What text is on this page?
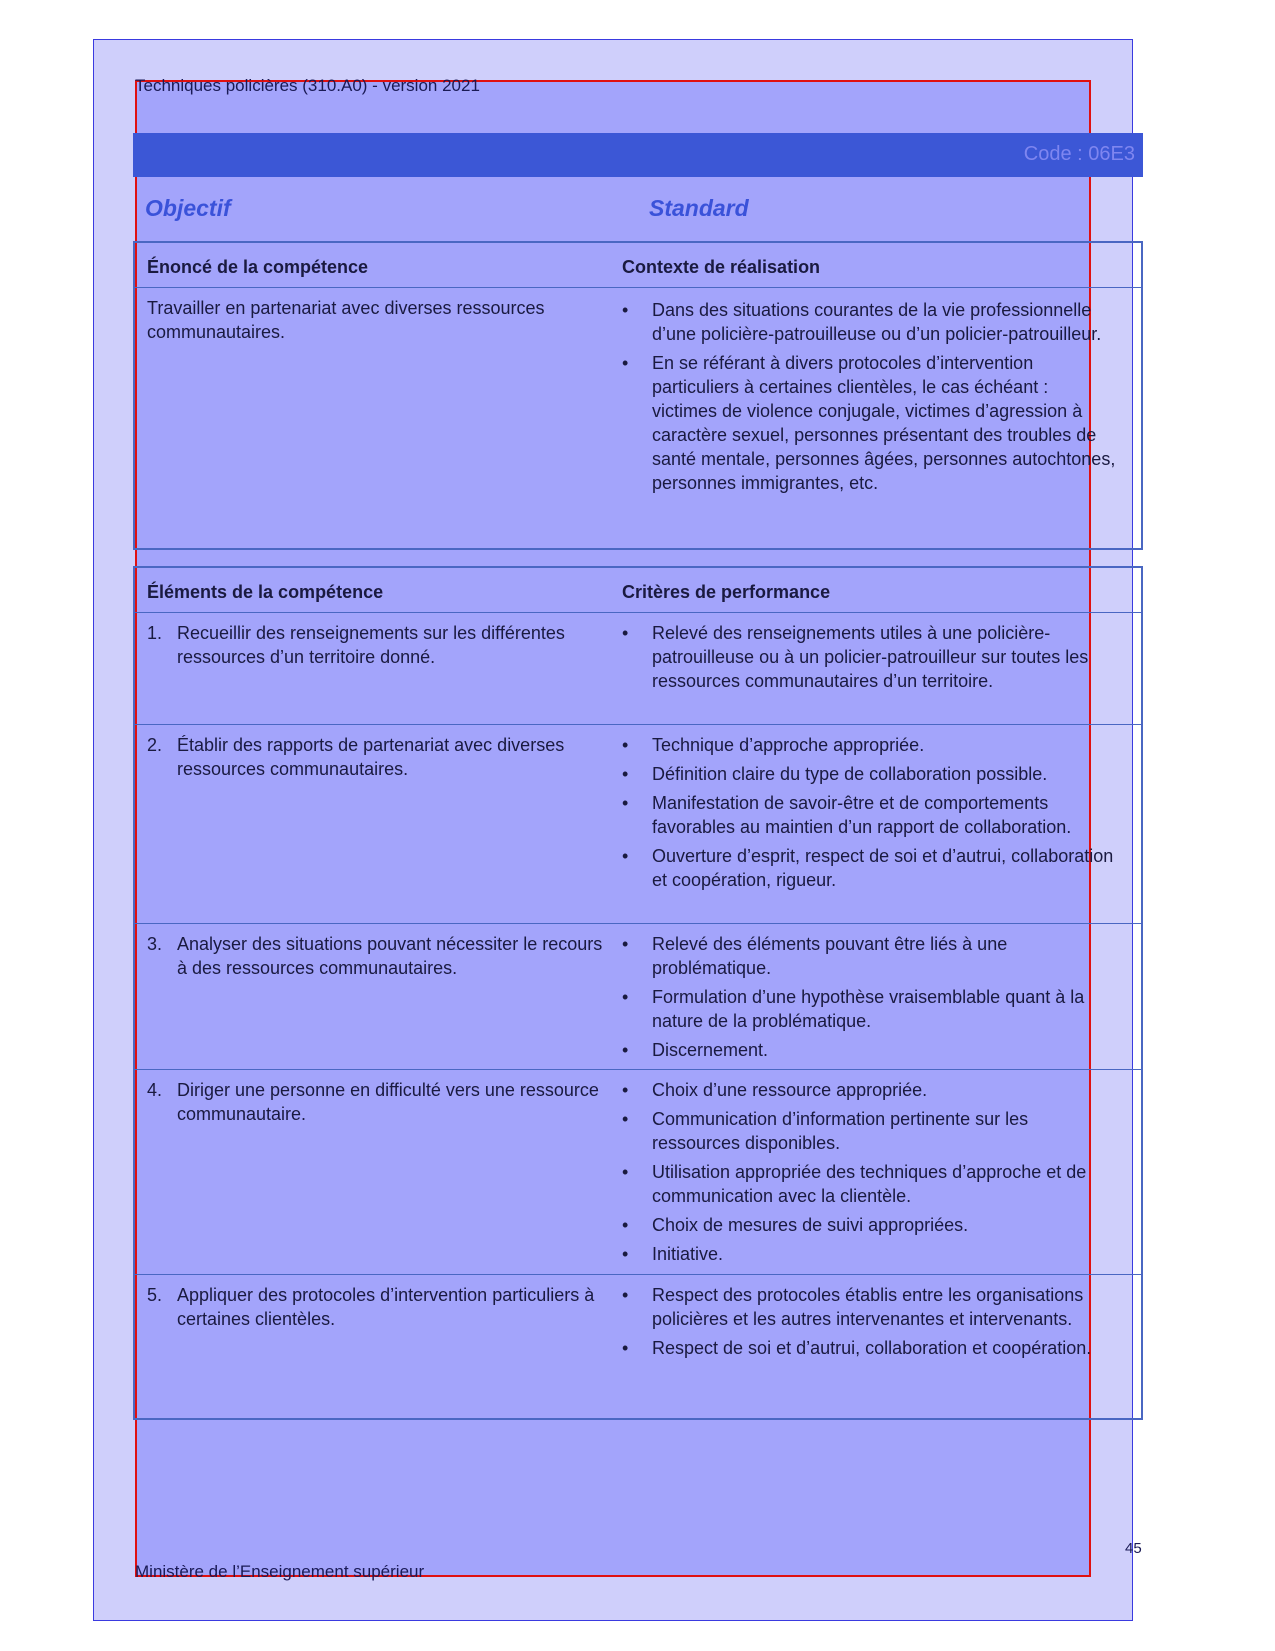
Techniques policières (310.A0) - version 2021
Code : 06E3
Objectif	Standard
Énoncé de la compétence	Contexte de réalisation
Travailler en partenariat avec diverses ressources communautaires.
•	Dans des situations courantes de la vie professionnelle d’une policière-patrouilleuse ou d’un policier-patrouilleur.
•	En se référant à divers protocoles d’intervention particuliers à certaines clientèles, le cas échéant : victimes de violence conjugale, victimes d’agression à caractère sexuel, personnes présentant des troubles de santé mentale, personnes âgées, personnes autochtones, personnes immigrantes, etc.
Éléments de la compétence	Critères de performance
1. Recueillir des renseignements sur les différentes ressources d’un territoire donné.
•	Relevé des renseignements utiles à une policière- patrouilleuse ou à un policier-patrouilleur sur toutes les ressources communautaires d’un territoire.
2. Établir des rapports de partenariat avec diverses ressources communautaires.
•	Technique d’approche appropriée.
•	Définition claire du type de collaboration possible.
•	Manifestation de savoir-être et de comportements favorables au maintien d’un rapport de collaboration.
•	Ouverture d’esprit, respect de soi et d’autrui, collaboration et coopération, rigueur.
3. Analyser des situations pouvant nécessiter le recours à des ressources communautaires.
•	Relevé des éléments pouvant être liés à une problématique.
•	Formulation d’une hypothèse vraisemblable quant à la nature de la problématique.
•	Discernement.
4. Diriger une personne en difficulté vers une ressource communautaire.
•	Choix d’une ressource appropriée.
•	Communication d’information pertinente sur les ressources disponibles.
•	Utilisation appropriée des techniques d’approche et de communication avec la clientèle.
•	Choix de mesures de suivi appropriées.
•	Initiative.
5. Appliquer des protocoles d’intervention particuliers à certaines clientèles.
•	Respect des protocoles établis entre les organisations policières et les autres intervenantes et intervenants.
•	Respect de soi et d’autrui, collaboration et coopération.
Ministère de l’Enseignement supérieur
45
